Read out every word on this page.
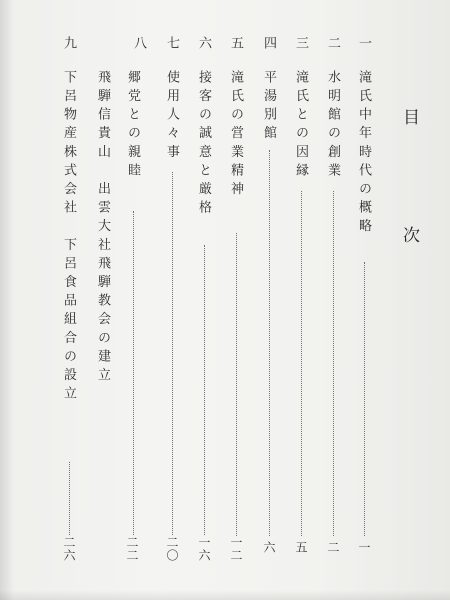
目
次
一
滝氏中年時代の概略
一
二
水明館の創業
二
三
滝氏との因縁
五
四
平湯別館
六
五
滝氏の営業精神
一二
六
接客の誠意と厳格
一六
七
使用人々事
二〇
八
郷党との親睦
飛騨信貴山　出雲大社飛騨教会の建立
二二
九
下呂物産株式会社　下呂食品組合の設立
二六
